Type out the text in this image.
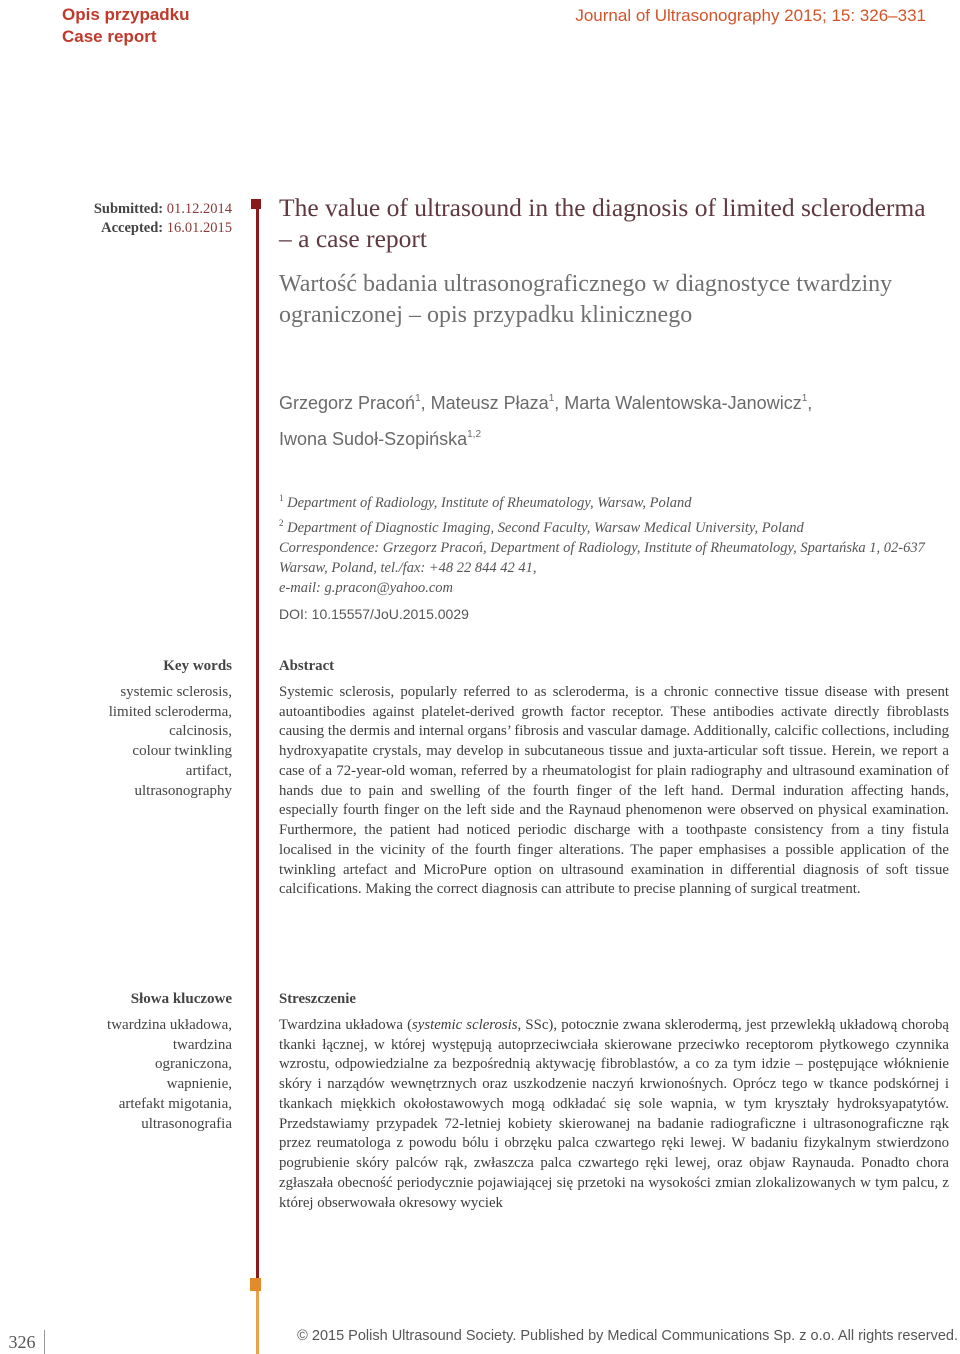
Opis przypadku
Case report
Journal of Ultrasonography 2015; 15: 326–331
Submitted: 01.12.2014
Accepted: 16.01.2015
The value of ultrasound in the diagnosis of limited scleroderma – a case report
Wartość badania ultrasonograficznego w diagnostyce twardziny ograniczonej – opis przypadku klinicznego
Grzegorz Pracoń$^1$, Mateusz Płaza$^1$, Marta Walentowska-Janowicz$^1$,
Iwona Sudoł-Szopińska$^{1,2}$
$^1$ Department of Radiology, Institute of Rheumatology, Warsaw, Poland
$^2$ Department of Diagnostic Imaging, Second Faculty, Warsaw Medical University, Poland
Correspondence: Grzegorz Pracoń, Department of Radiology, Institute of Rheumatology, Spartańska 1, 02-637 Warsaw, Poland, tel./fax: +48 22 844 42 41,
e-mail: g.pracon@yahoo.com
DOI: 10.15557/JoU.2015.0029
Key words
systemic sclerosis,
limited scleroderma,
calcinosis,
colour twinkling
artifact,
ultrasonography
Abstract
Systemic sclerosis, popularly referred to as scleroderma, is a chronic connective tissue disease with present autoantibodies against platelet-derived growth factor receptor. These antibodies activate directly fibroblasts causing the dermis and internal organs’ fibrosis and vascular damage. Additionally, calcific collections, including hydroxyapatite crystals, may develop in subcutaneous tissue and juxta-articular soft tissue. Herein, we report a case of a 72-year-old woman, referred by a rheumatologist for plain radiography and ultrasound examination of hands due to pain and swelling of the fourth finger of the left hand. Dermal induration affecting hands, especially fourth finger on the left side and the Raynaud phenomenon were observed on physical examination. Furthermore, the patient had noticed periodic discharge with a toothpaste consistency from a tiny fistula localised in the vicinity of the fourth finger alterations. The paper emphasises a possible application of the twinkling artefact and MicroPure option on ultrasound examination in differential diagnosis of soft tissue calcifications. Making the correct diagnosis can attribute to precise planning of surgical treatment.
Słowa kluczowe
twardzina układowa,
twardzina
ograniczona,
wapnienie,
artefakt migotania,
ultrasonografia
Streszczenie
Twardzina układowa (systemic sclerosis, SSc), potocznie zwana sklerodermą, jest przewlekłą układową chorobą tkanki łącznej, w której występują autoprzeciwciała skierowane przeciwko receptorom płytkowego czynnika wzrostu, odpowiedzialne za bezpośrednią aktywację fibroblastów, a co za tym idzie – postępujące włóknienie skóry i narządów wewnętrznych oraz uszkodzenie naczyń krwionośnych. Oprócz tego w tkance podskórnej i tkankach miękkich okołostawowych mogą odkładać się sole wapnia, w tym kryształy hydroksyapatytów. Przedstawiamy przypadek 72-letniej kobiety skierowanej na badanie radiograficzne i ultrasonograficzne rąk przez reumatologa z powodu bólu i obrzęku palca czwartego ręki lewej. W badaniu fizykalnym stwierdzono pogrubienie skóry palców rąk, zwłaszcza palca czwartego ręki lewej, oraz objaw Raynauda. Ponadto chora zgłaszała obecność periodycznie pojawiającej się przetoki na wysokości zmian zlokalizowanych w tym palcu, z której obserwowała okresowy wyciek
326	© 2015 Polish Ultrasound Society. Published by Medical Communications Sp. z o.o. All rights reserved.
